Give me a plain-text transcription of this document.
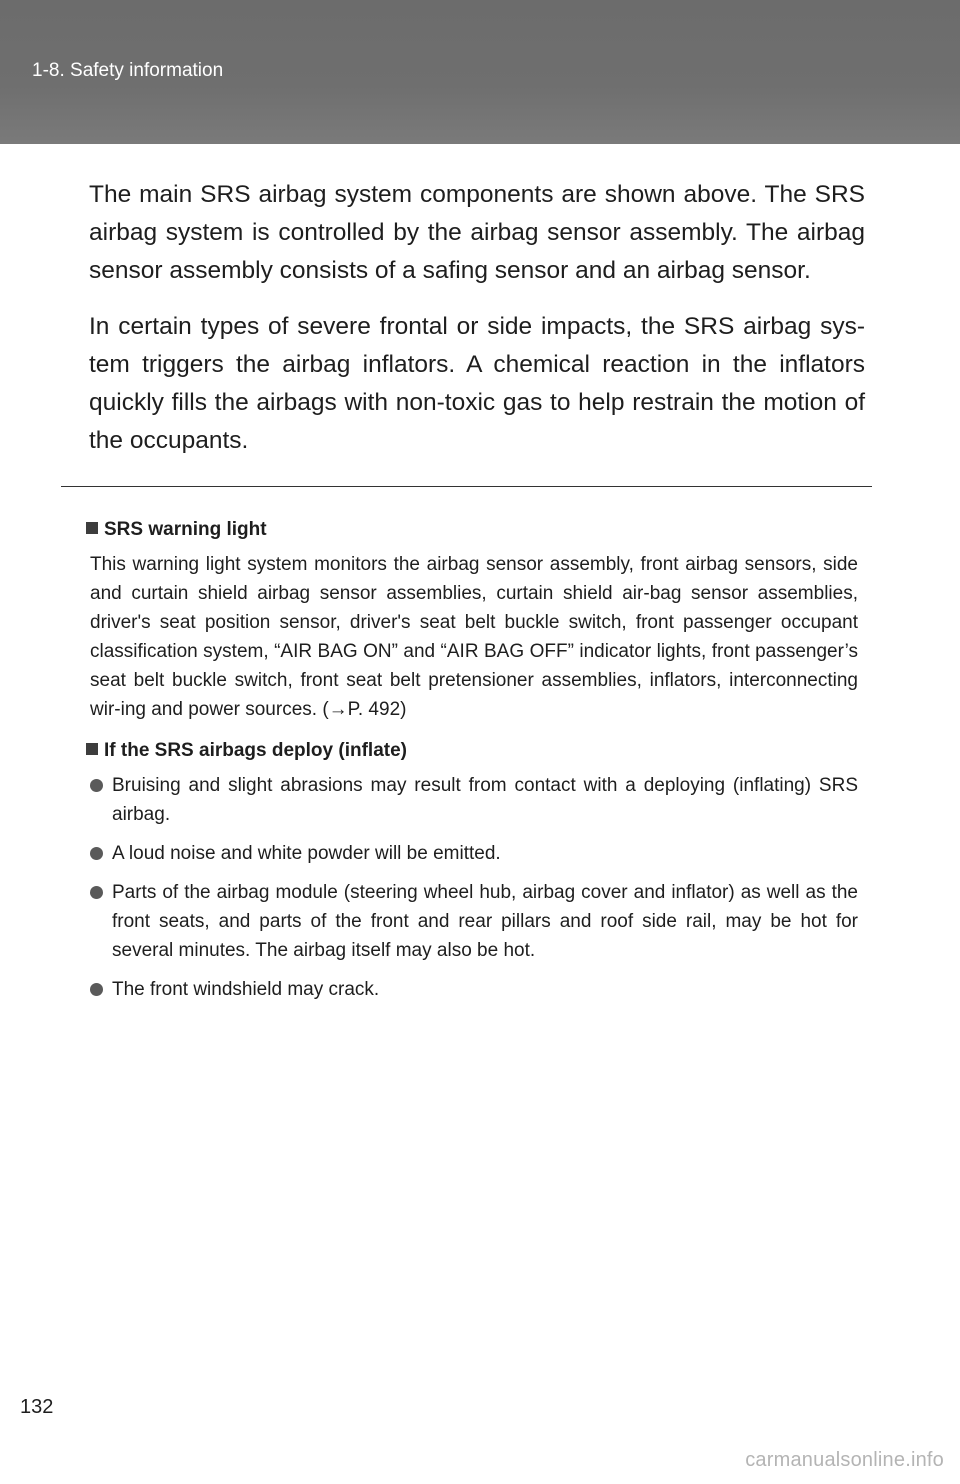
1-8. Safety information

The main SRS airbag system components are shown above. The SRS airbag system is controlled by the airbag sensor assembly. The airbag sensor assembly consists of a safing sensor and an airbag sensor.

In certain types of severe frontal or side impacts, the SRS airbag sys-tem triggers the airbag inflators. A chemical reaction in the inflators quickly fills the airbags with non-toxic gas to help restrain the motion of the occupants.

SRS warning light
This warning light system monitors the airbag sensor assembly, front airbag sensors, side and curtain shield airbag sensor assemblies, curtain shield air-bag sensor assemblies, driver's seat position sensor, driver's seat belt buckle switch, front passenger occupant classification system, “AIR BAG ON” and “AIR BAG OFF” indicator lights, front passenger’s seat belt buckle switch, front seat belt pretensioner assemblies, inflators, interconnecting wir-ing and power sources. (→P. 492)
If the SRS airbags deploy (inflate)
Bruising and slight abrasions may result from contact with a deploying (inflating) SRS airbag.
A loud noise and white powder will be emitted.
Parts of the airbag module (steering wheel hub, airbag cover and inflator) as well as the front seats, and parts of the front and rear pillars and roof side rail, may be hot for several minutes. The airbag itself may also be hot.
The front windshield may crack.
132
carmanualsonline.info
